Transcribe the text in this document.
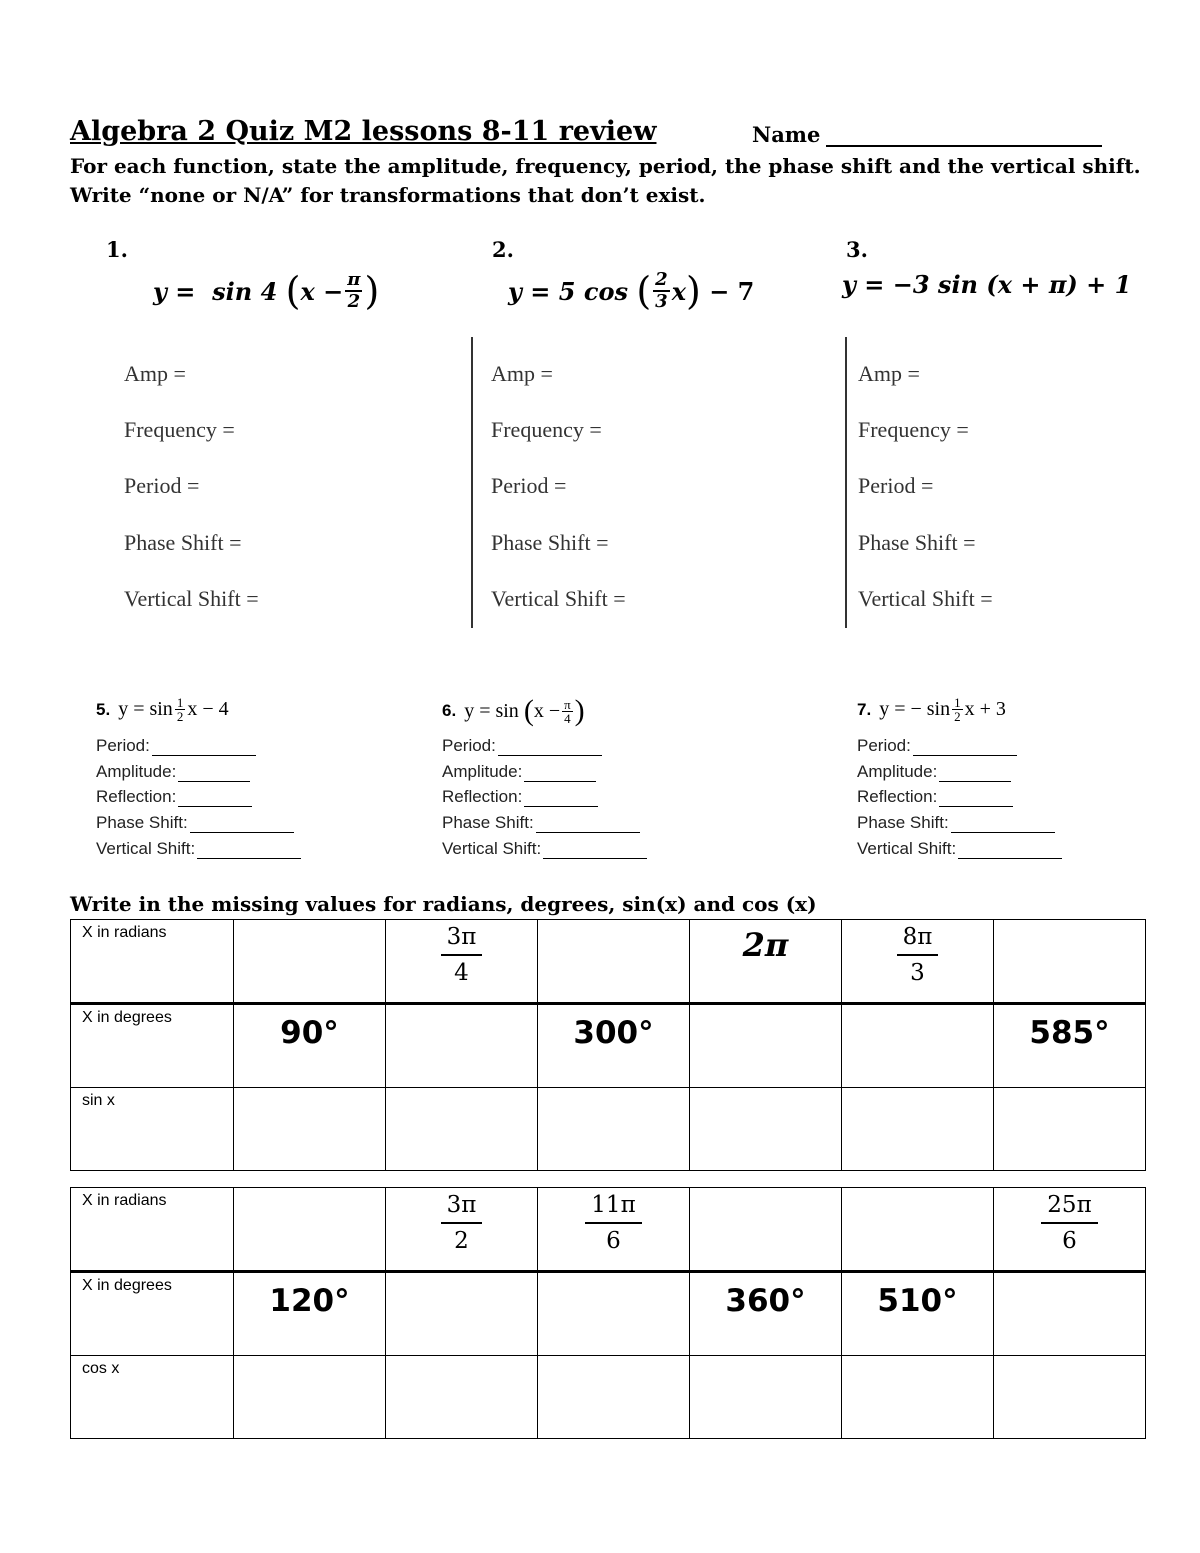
Algebra 2 Quiz M2 lessons 8-11 review	Name
For each function, state the amplitude, frequency, period, the phase shift and the vertical shift. Write “none or N/A” for transformations that don’t exist.
1.	2.	3.
y =
sin 4
( $x - \frac{\pi}{2}$ )	y = 5
cos
( $\frac{2}{3}$ x )
− 7	y = −3 sin (x + π) + 1
Amp =
Frequency =
Period =
Phase Shift =
Vertical Shift =
Amp =
Frequency =
Period =
Phase Shift =
Vertical Shift =
Amp =
Frequency =
Period =
Phase Shift =
Vertical Shift =
5. $y = \sin \frac{1}{2}$ x − 4	6. y = sin
( $x - \frac{\pi}{4}$ )	7. y = − $\sin \frac{1}{2}$ x + 3
Period:
Amplitude:
Reflection:
Phase Shift:
Vertical Shift:
Period:
Amplitude:
Reflection:
Phase Shift:
Vertical Shift:
Period:
Amplitude:
Reflection:
Phase Shift:
Vertical Shift:
Write in the missing values for radians, degrees, sin(x) and cos (x)
X in radians		$\frac{3\pi}{4}$		2π	$\frac{8\pi}{3}$

X in degrees	90°		300°			585°

sin x						
X in radians		$\frac{3\pi}{2}$	$\frac{11\pi}{6}$			$\frac{25\pi}{6}$

X in degrees	120°			360°	510°	

cos x						
